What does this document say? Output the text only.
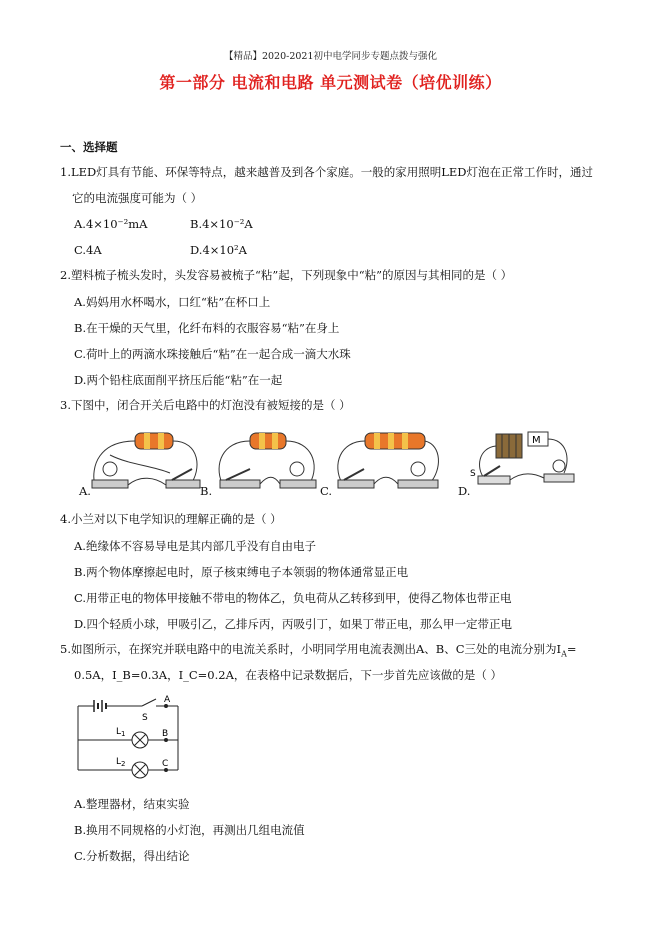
【精品】2020-2021初中电学同步专题点拨与强化
第一部分 电流和电路 单元测试卷（培优训练）
一、选择题
1.LED灯具有节能、环保等特点，越来越普及到各个家庭。一般的家用照明LED灯泡在正常工作时，通过
它的电流强度可能为（ ）
A.4×10⁻²mA	B.4×10⁻²A
C.4A	D.4×10²A
2.塑料梳子梳头发时，头发容易被梳子“粘”起，下列现象中“粘”的原因与其相同的是（ ）
A.妈妈用水杯喝水，口红“粘”在杯口上
B.在干燥的天气里，化纤布料的衣服容易“粘”在身上
C.荷叶上的两滴水珠接触后“粘”在一起合成一滴大水珠
D.两个铅柱底面削平挤压后能“粘”在一起
3.下图中，闭合开关后电路中的灯泡没有被短接的是（ ）
A.	B.	C.
M
S
D.
4.小兰对以下电学知识的理解正确的是（ ）
A.绝缘体不容易导电是其内部几乎没有自由电子
B.两个物体摩擦起电时，原子核束缚电子本领弱的物体通常显正电
C.用带正电的物体甲接触不带电的物体乙，负电荷从乙转移到甲，使得乙物体也带正电
D.四个轻质小球，甲吸引乙，乙排斥丙，丙吸引丁，如果丁带正电，那么甲一定带正电
5.如图所示，在探究并联电路中的电流关系时，小明同学用电流表测出A、B、C三处的电流分别为$I_A=$
0.5A，I_B=0.3A，I_C=0.2A，在表格中记录数据后，下一步首先应该做的是（ ）
S
A
B
C
$L_1$
$L_2$
A.整理器材，结束实验
B.换用不同规格的小灯泡，再测出几组电流值
C.分析数据，得出结论
